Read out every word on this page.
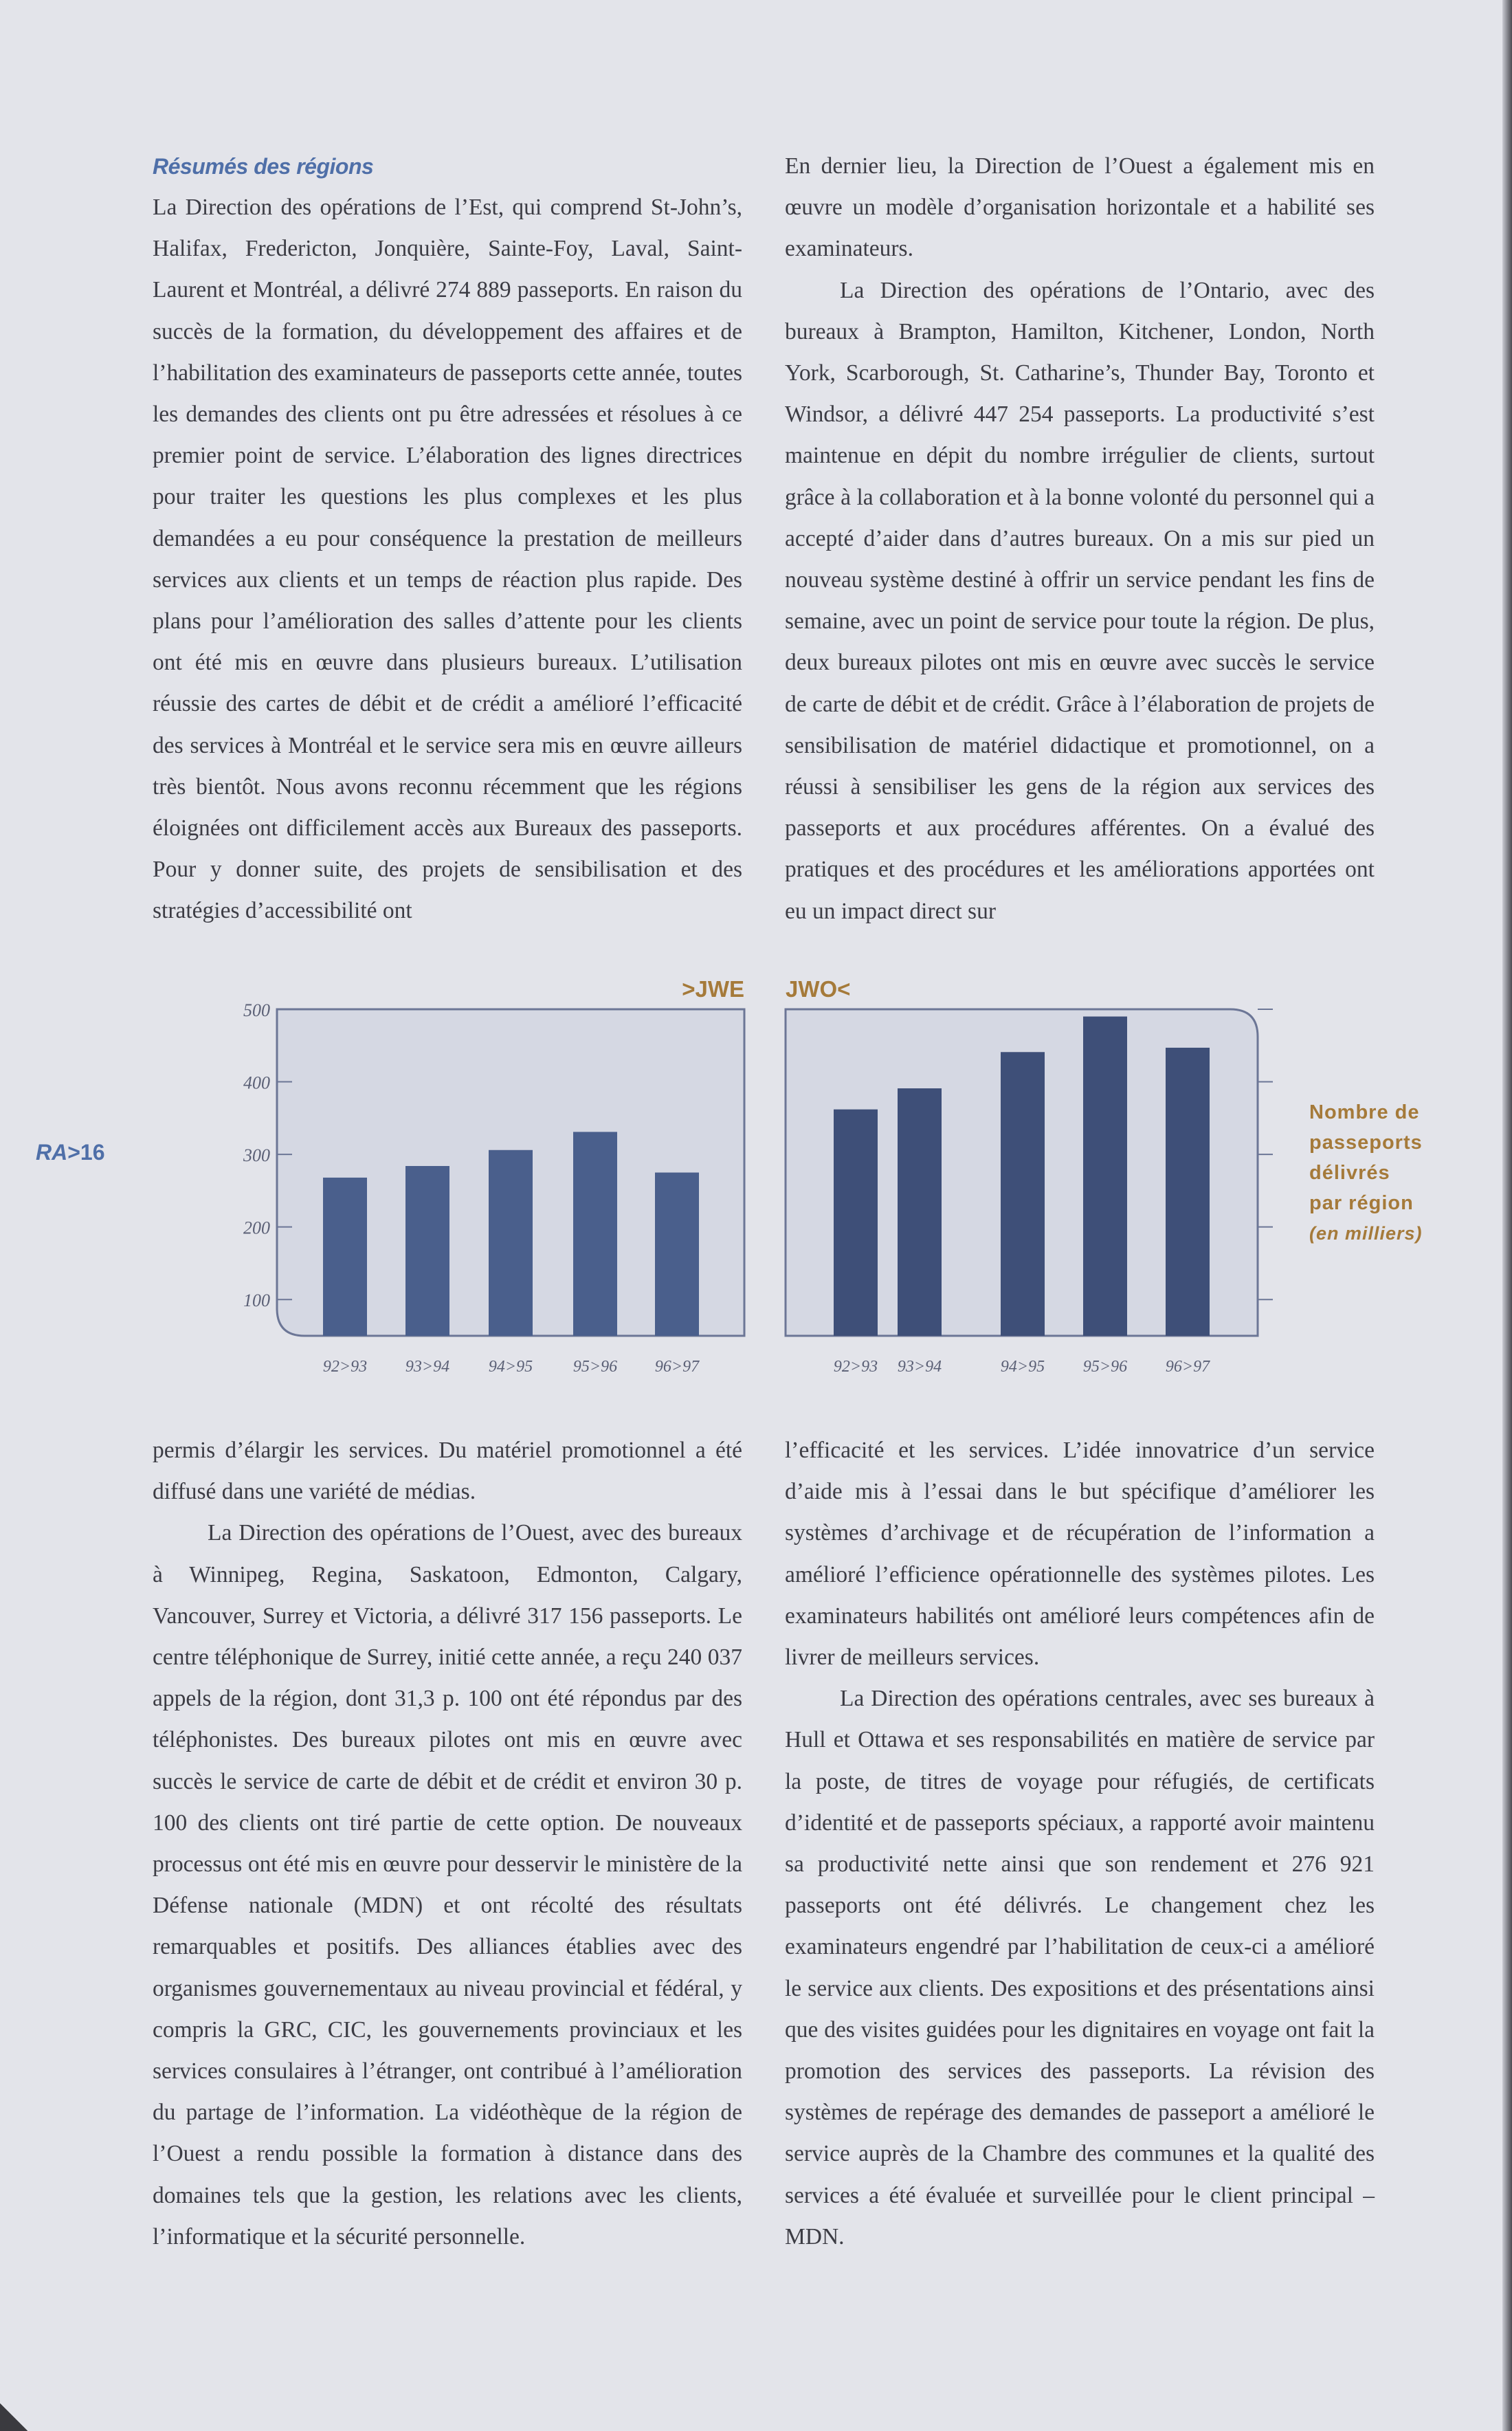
Résumés des régions

La Direction des opérations de l’Est, qui comprend St-John’s, Halifax, Fredericton, Jonquière, Sainte-Foy, Laval, Saint-Laurent et Montréal, a délivré 274 889 passeports. En raison du succès de la formation, du développement des affaires et de l’habilitation des examinateurs de passeports cette année, toutes les demandes des clients ont pu être adressées et résolues à ce premier point de service. L’élaboration des lignes directrices pour traiter les questions les plus complexes et les plus demandées a eu pour conséquence la prestation de meilleurs services aux clients et un temps de réaction plus rapide. Des plans pour l’amélioration des salles d’attente pour les clients ont été mis en œuvre dans plusieurs bureaux. L’utilisation réussie des cartes de débit et de crédit a amélioré l’efficacité des services à Montréal et le service sera mis en œuvre ailleurs très bientôt. Nous avons reconnu récemment que les régions éloignées ont difficilement accès aux Bureaux des passeports. Pour y donner suite, des projets de sensibilisation et des stratégies d’accessibilité ont

En dernier lieu, la Direction de l’Ouest a également mis en œuvre un modèle d’organisation horizontale et a habilité ses examinateurs.

La Direction des opérations de l’Ontario, avec des bureaux à Brampton, Hamilton, Kitchener, London, North York, Scarborough, St. Catharine’s, Thunder Bay, Toronto et Windsor, a délivré 447 254 passeports. La productivité s’est maintenue en dépit du nombre irrégulier de clients, surtout grâce à la collaboration et à la bonne volonté du personnel qui a accepté d’aider dans d’autres bureaux. On a mis sur pied un nouveau système destiné à offrir un service pendant les fins de semaine, avec un point de service pour toute la région. De plus, deux bureaux pilotes ont mis en œuvre avec succès le service de carte de débit et de crédit. Grâce à l’élaboration de projets de sensibilisation de matériel didactique et promotionnel, on a réussi à sensibiliser les gens de la région aux services des passeports et aux procédures afférentes. On a évalué des pratiques et des procédures et les améliorations apportées ont eu un impact direct sur

permis d’élargir les services. Du matériel promotionnel a été diffusé dans une variété de médias.

La Direction des opérations de l’Ouest, avec des bureaux à Winnipeg, Regina, Saskatoon, Edmonton, Calgary, Vancouver, Surrey et Victoria, a délivré 317 156 passeports. Le centre téléphonique de Surrey, initié cette année, a reçu 240 037 appels de la région, dont 31,3 p. 100 ont été répondus par des téléphonistes. Des bureaux pilotes ont mis en œuvre avec succès le service de carte de débit et de crédit et environ 30 p. 100 des clients ont tiré partie de cette option. De nouveaux processus ont été mis en œuvre pour desservir le ministère de la Défense nationale (MDN) et ont récolté des résultats remarquables et positifs. Des alliances établies avec des organismes gouvernementaux au niveau provincial et fédéral, y compris la GRC, CIC, les gouvernements provinciaux et les services consulaires à l’étranger, ont contribué à l’amélioration du partage de l’information. La vidéothèque de la région de l’Ouest a rendu possible la formation à distance dans des domaines tels que la gestion, les relations avec les clients, l’informatique et la sécurité personnelle.

l’efficacité et les services. L’idée innovatrice d’un service d’aide mis à l’essai dans le but spécifique d’améliorer les systèmes d’archivage et de récupération de l’information a amélioré l’efficience opérationnelle des systèmes pilotes. Les examinateurs habilités ont amélioré leurs compétences afin de livrer de meilleurs services.

La Direction des opérations centrales, avec ses bureaux à Hull et Ottawa et ses responsabilités en matière de service par la poste, de titres de voyage pour réfugiés, de certificats d’identité et de passeports spéciaux, a rapporté avoir maintenu sa productivité nette ainsi que son rendement et 276 921 passeports ont été délivrés. Le changement chez les examinateurs engendré par l’habilitation de ceux-ci a amélioré le service aux clients. Des expositions et des présentations ainsi que des visites guidées pour les dignitaires en voyage ont fait la promotion des services des passeports. La révision des systèmes de repérage des demandes de passeport a amélioré le service auprès de la Chambre des communes et la qualité des services a été évaluée et surveillée pour le client principal – MDN.

RA>16
Nombre de
passeports
délivrés
par région
(en milliers)
100
200
300
400
500
92>93 93>94 94>95 95>96 96>97
>JWE
92>93 93>94	94>95 95>96 96>97
JWO<
